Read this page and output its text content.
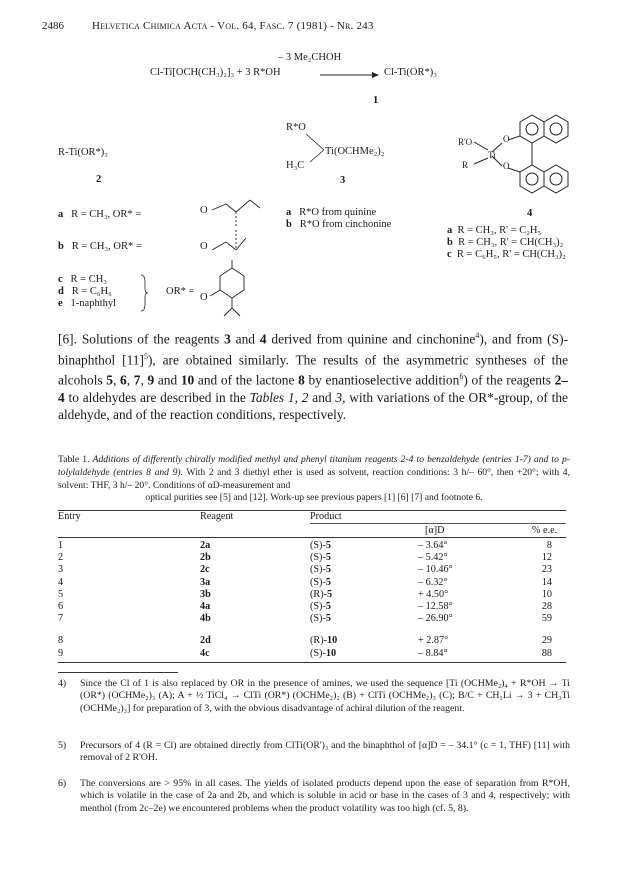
2486	Helvetica Chimica Acta - Vol. 64, Fasc. 7 (1981) - Nr. 243
– 3 Me₂CHOH
Cl-Ti[OCH(CH₃)₂]₃ + 3 R*OH → Cl-Ti(OR*)₃
1
R-Ti(OR*)₃
2
R*O
Ti(OCHMe₂)₂
H₃C
3
R'O
Ti
R
O
O
4
a R = CH₃, OR* =
b R = CH₃, OR* =
c R = CH₃
d R = C₆H₆
e 1-naphthyl
OR* =
O
O
O
a R*O from quinine
b R*O from cinchonine
a R = CH₃, R' = C₂H₅
b R = CH₃, R' = CH(CH₃)₂
c R = C₆H₅, R' = CH(CH₃)₂
[6]. Solutions of the reagents 3 and 4 derived from quinine and cinchonine$^4$), and from (S)-binaphthol $[11]^5$), are obtained similarly. The results of the asymmetric syntheses of the alcohols 5, 6, 7, 9 and 10 and of the lactone 8 by enantioselective addition$^6$) of the reagents 2–4 to aldehydes are described in the Tables 1, 2 and 3, with variations of the OR*-group, of the aldehyde, and of the reaction conditions, respectively.
Table 1. Additions of differently chirally modified methyl and phenyl titanium reagents 2-4 to benzaldehyde (entries 1-7) and to p-tolylaldehyde (entries 8 and 9). With 2 and 3 diethyl ether is used as solvent, reaction conditions: 3 h/– 60°, then +20°; with 4, solvent: THF, 3 h/– 20°. Conditions of αD-measurement and
optical purities see [5] and [12]. Work-up see previous papers [1] [6] [7] and footnote 6.
Entry	Reagent	Product
[α]D	% e.e.
1	2a	(S)-5	– 3.64°	8
2	2b	(S)-5	– 5.42°	12
3	2c	(S)-5	– 10.46°	23
4	3a	(S)-5	– 6.32°	14
5	3b	(R)-5	+ 4.50°	10
6	4a	(S)-5	– 12.58°	28
7	4b	(S)-5	– 26.90°	59

8	2d	(R)-10	+ 2.87°	29
9	4c	(S)-10	– 8.84°	88
4) Since the Cl of 1 is also replaced by OR in the presence of amines, we used the sequence [Ti (OCHMe₂)₄ + R*OH → Ti (OR*) (OCHMe₂)₃ (A); A + ½ TiCl₄ → ClTi (OR*) (OCHMe₂)₂ (B) + ClTi (OCHMe₂)₃ (C); B/C + CH₃Li → 3 + CH₃Ti (OCHMe₂)₃] for preparation of 3, with the obvious disadvantage of achiral dilution of the reagent.
5) Precursors of 4 (R = Cl) are obtained directly from ClTi(OR')₃ and the binaphthol of [α]D = – 34.1° (c = 1, THF) [11] with removal of 2 R'OH.
6) The conversions are > 95% in all cases. The yields of isolated products depend upon the ease of separation from R*OH, which is volatile in the case of 2a and 2b, and which is soluble in acid or base in the cases of 3 and 4, respectively; with menthol (from 2c–2e) we encountered problems when the product volatility was too high (cf. 5, 8).
